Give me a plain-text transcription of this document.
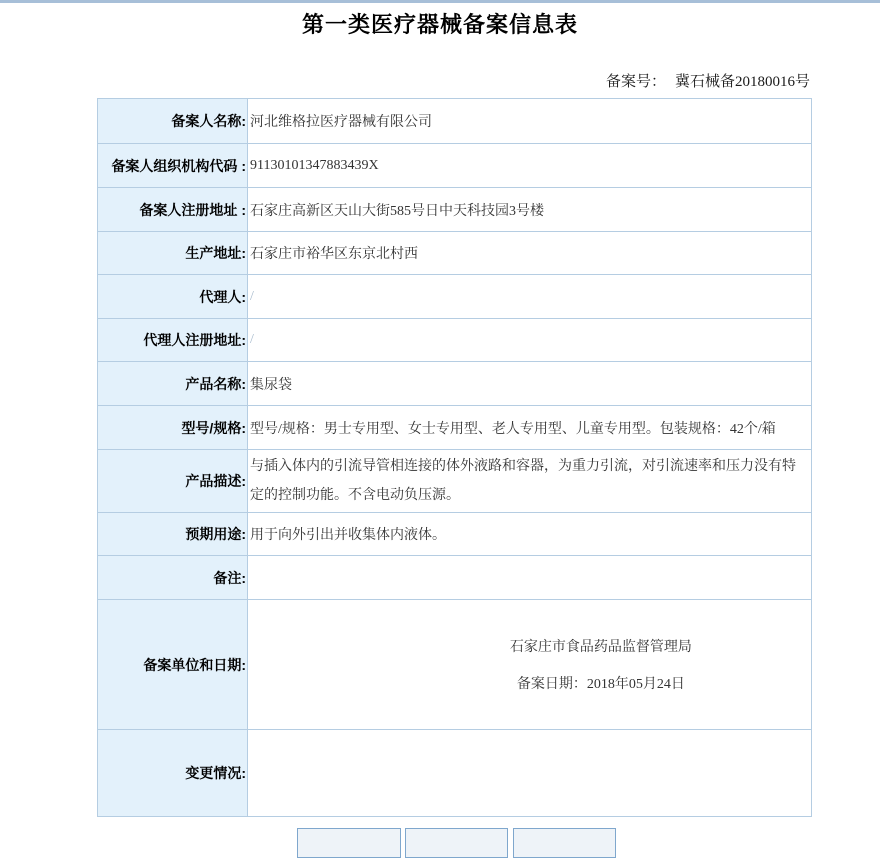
第一类医疗器械备案信息表
备案号： 冀石械备20180016号
备案人名称:	河北维格拉医疗器械有限公司
备案人组织机构代码 :	91130101347883439X
备案人注册地址 :	石家庄高新区天山大街585号日中天科技园3号楼
生产地址:	石家庄市裕华区东京北村西
代理人:	/
代理人注册地址:	/
产品名称:	集尿袋
型号/规格:	型号/规格：男士专用型、女士专用型、老人专用型、儿童专用型。包装规格：42个/箱
产品描述:	与插入体内的引流导管相连接的体外液路和容器，为重力引流，对引流速率和压力没有特定的控制功能。不含电动负压源。
预期用途:	用于向外引出并收集体内液体。
备注:	
备案单位和日期:	石家庄市食品药品监督管理局
备案日期：2018年05月24日

变更情况:	
